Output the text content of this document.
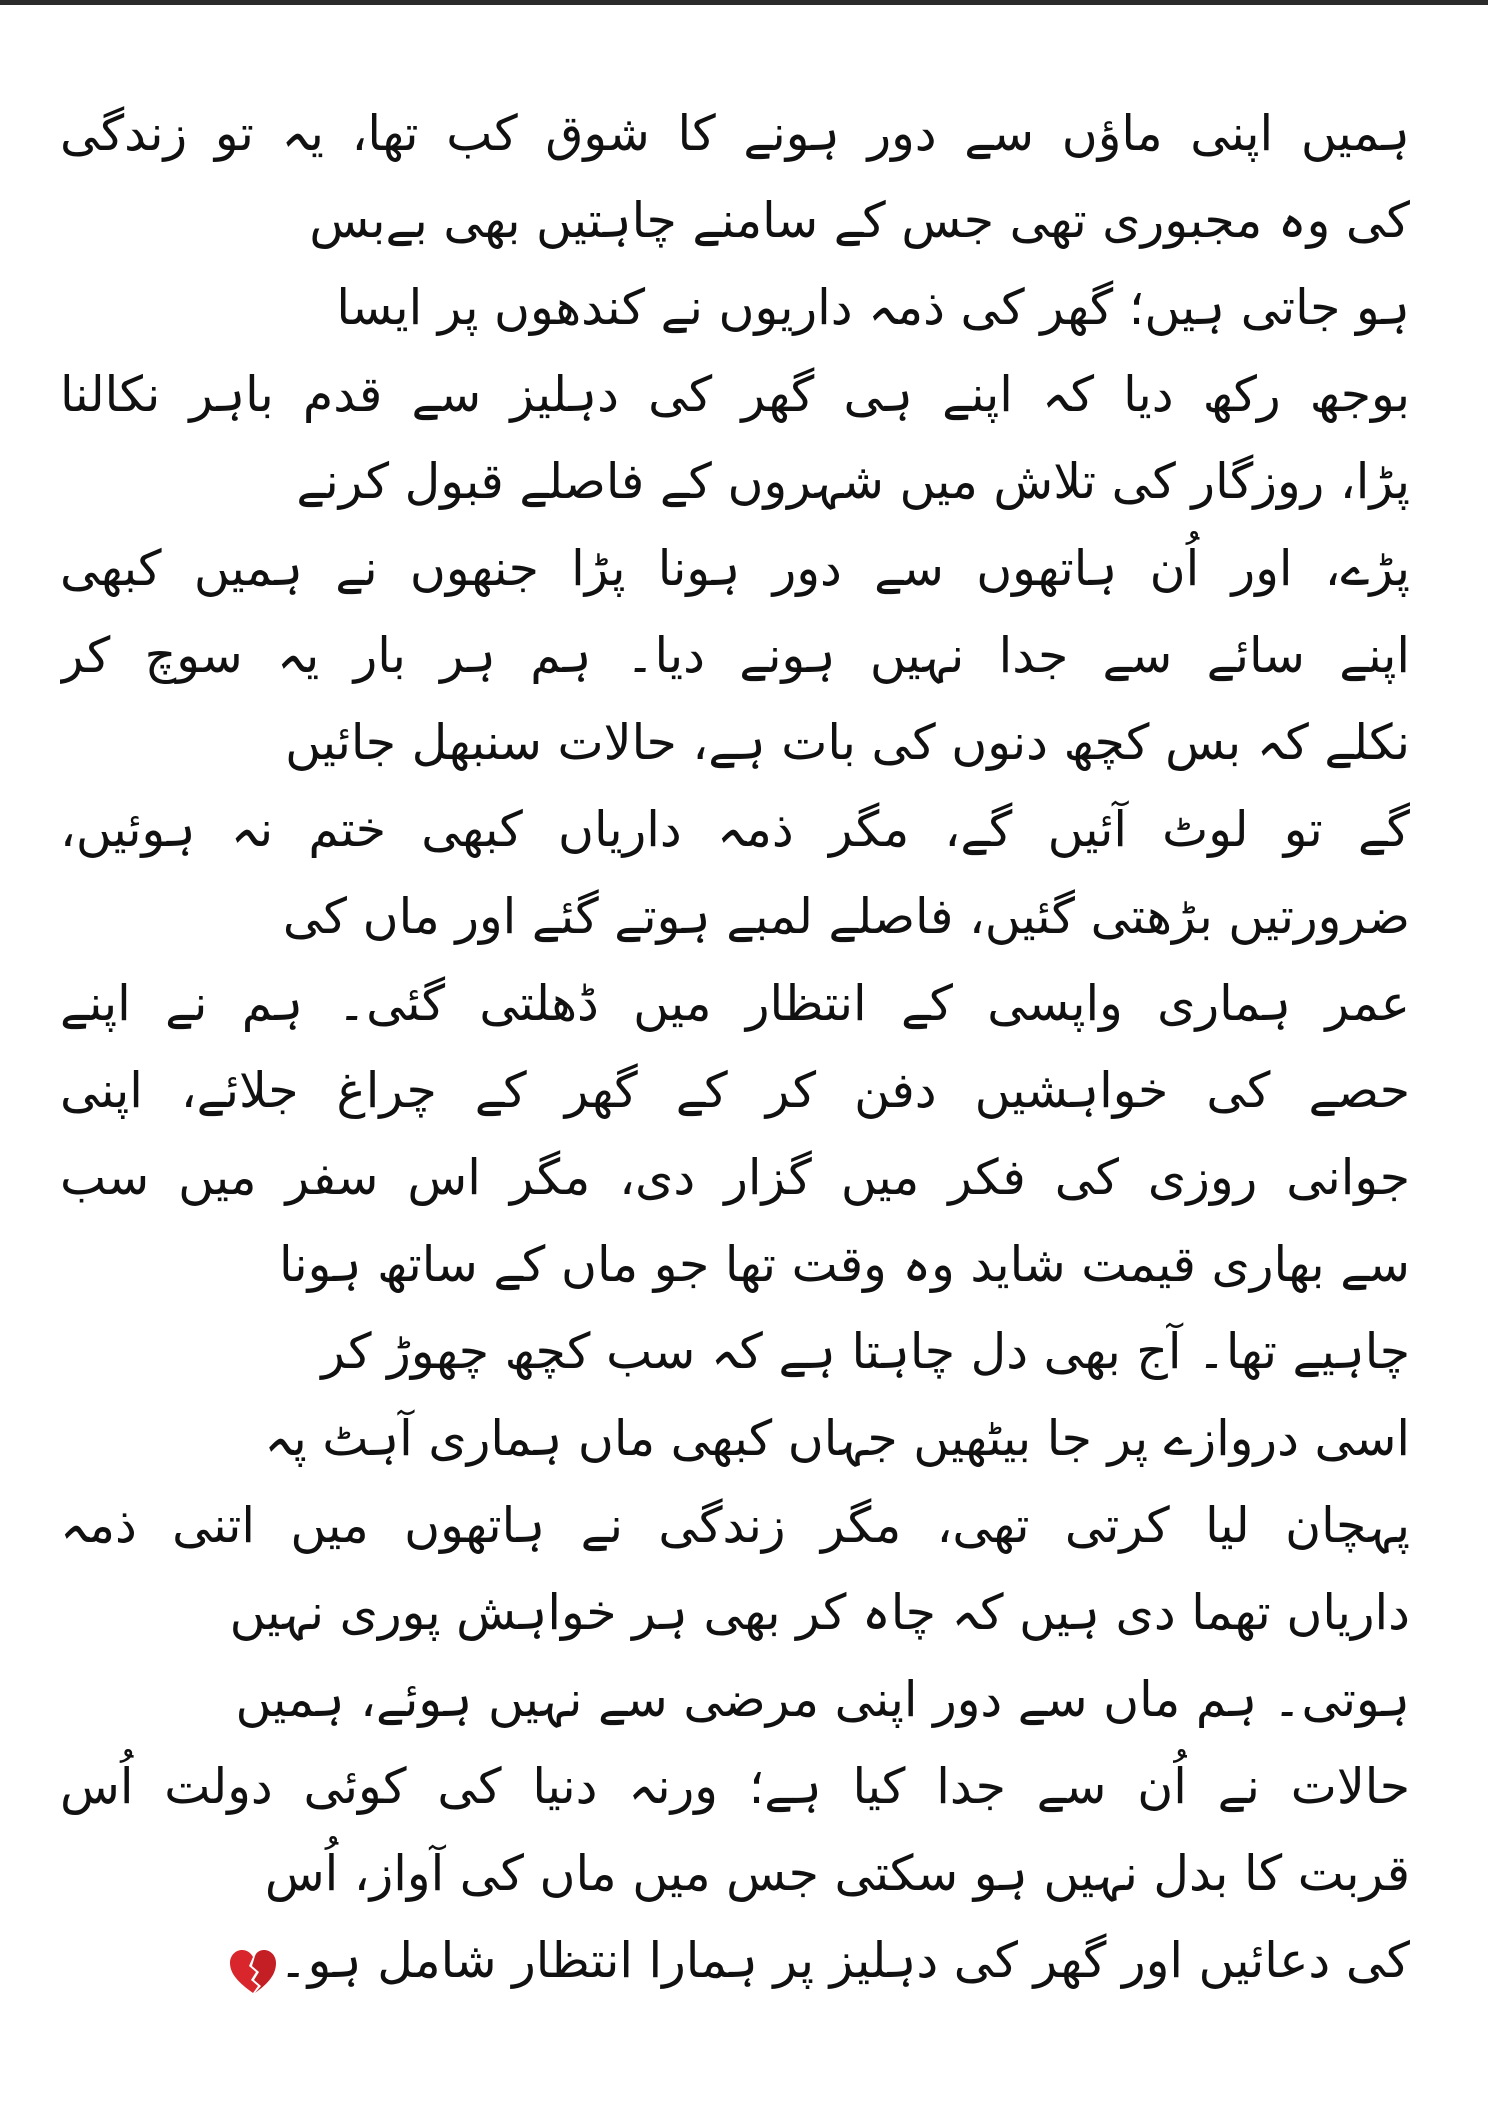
ہمیں اپنی ماؤں سے دور ہونے کا شوق کب تھا، یہ تو زندگی
کی وہ مجبوری تھی جس کے سامنے چاہتیں بھی بےبس
ہو جاتی ہیں؛ گھر کی ذمہ داریوں نے کندھوں پر ایسا
بوجھ رکھ دیا کہ اپنے ہی گھر کی دہلیز سے قدم باہر نکالنا
پڑا، روزگار کی تلاش میں شہروں کے فاصلے قبول کرنے
پڑے، اور اُن ہاتھوں سے دور ہونا پڑا جنھوں نے ہمیں کبھی
اپنے سائے سے جدا نہیں ہونے دیا۔ ہم ہر بار یہ سوچ کر
نکلے کہ بس کچھ دنوں کی بات ہے، حالات سنبھل جائیں
گے تو لوٹ آئیں گے، مگر ذمہ داریاں کبھی ختم نہ ہوئیں،
ضرورتیں بڑھتی گئیں، فاصلے لمبے ہوتے گئے اور ماں کی
عمر ہماری واپسی کے انتظار میں ڈھلتی گئی۔ ہم نے اپنے
حصے کی خواہشیں دفن کر کے گھر کے چراغ جلائے، اپنی
جوانی روزی کی فکر میں گزار دی، مگر اس سفر میں سب
سے بھاری قیمت شاید وہ وقت تھا جو ماں کے ساتھ ہونا
چاہیے تھا۔ آج بھی دل چاہتا ہے کہ سب کچھ چھوڑ کر
اسی دروازے پر جا بیٹھیں جہاں کبھی ماں ہماری آہٹ پہ
پہچان لیا کرتی تھی، مگر زندگی نے ہاتھوں میں اتنی ذمہ
داریاں تھما دی ہیں کہ چاہ کر بھی ہر خواہش پوری نہیں
ہوتی۔ ہم ماں سے دور اپنی مرضی سے نہیں ہوئے، ہمیں
حالات نے اُن سے جدا کیا ہے؛ ورنہ دنیا کی کوئی دولت اُس
قربت کا بدل نہیں ہو سکتی جس میں ماں کی آواز، اُس
کی دعائیں اور گھر کی دہلیز پر ہمارا انتظار شامل ہو۔
